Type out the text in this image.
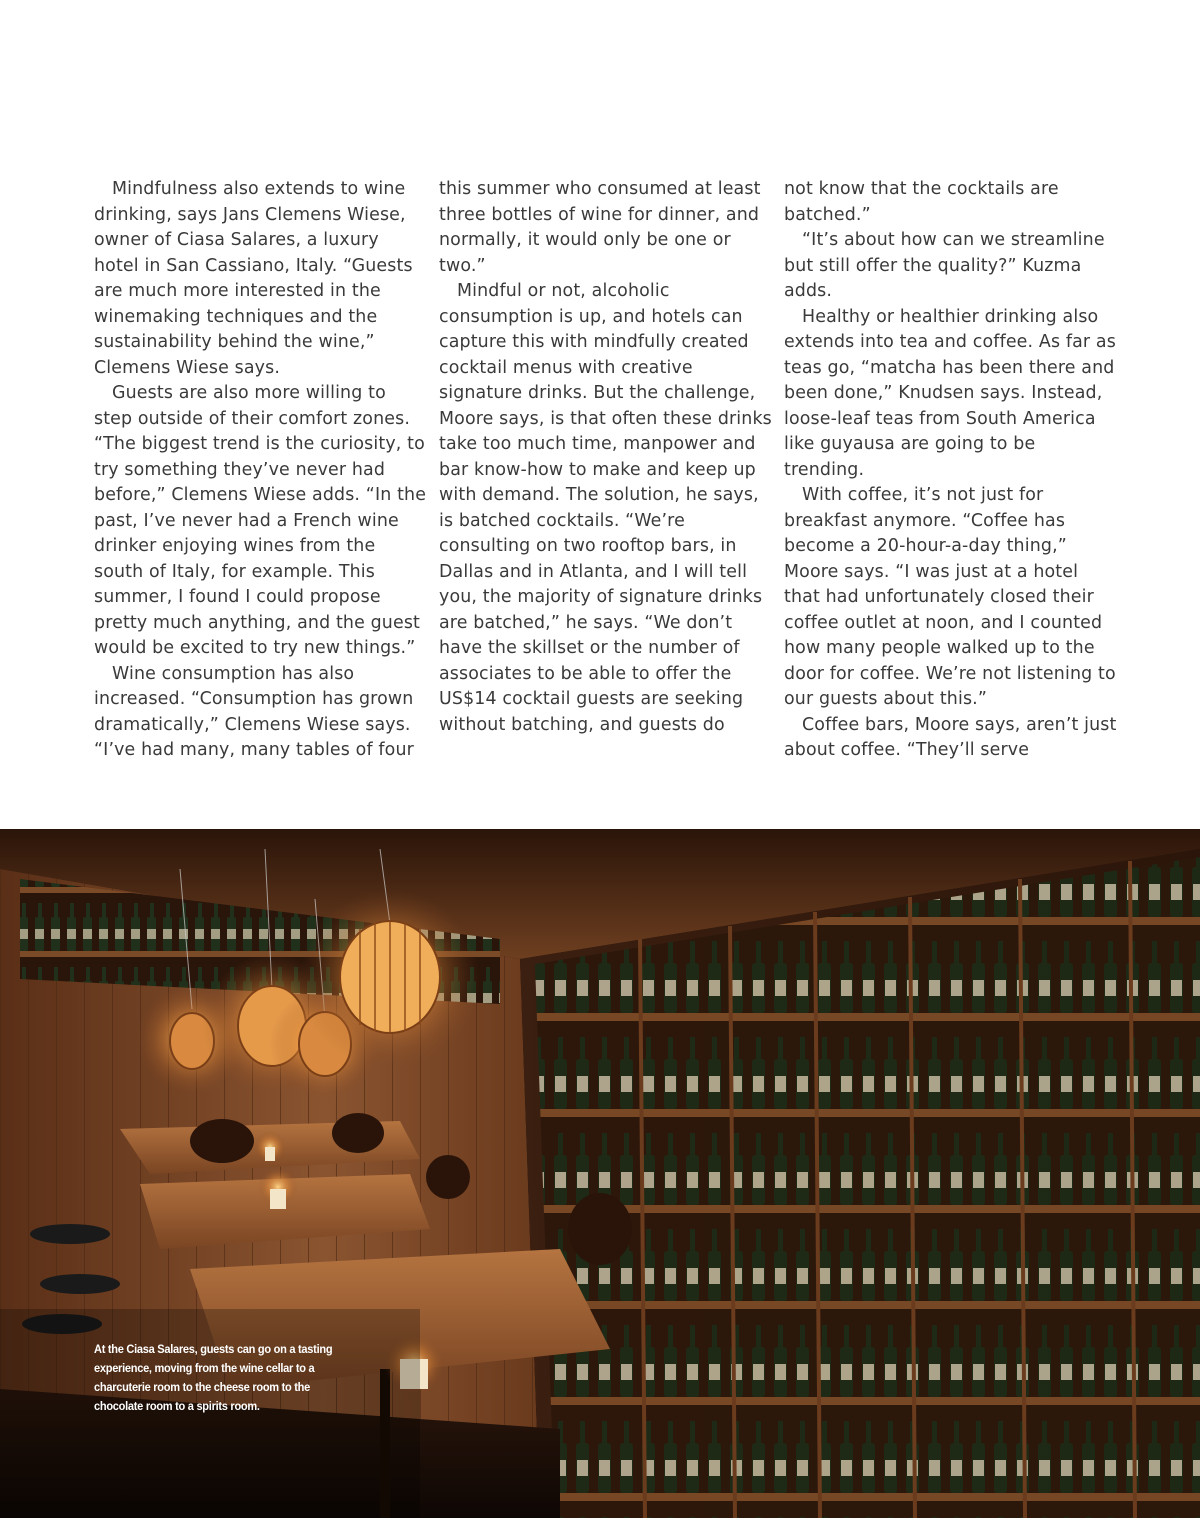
Mindfulness also extends to wine drinking, says Jans Clemens Wiese, owner of Ciasa Salares, a luxury hotel in San Cassiano, Italy. “Guests are much more interested in the winemaking techniques and the sustainability behind the wine,” Clemens Wiese says.

Guests are also more willing to step outside of their comfort zones. “The biggest trend is the curiosity, to try something they’ve never had before,” Clemens Wiese adds. “In the past, I’ve never had a French wine drinker enjoying wines from the south of Italy, for example. This summer, I found I could propose pretty much anything, and the guest would be excited to try new things.”

Wine consumption has also increased. “Consumption has grown dramatically,” Clemens Wiese says. “I’ve had many, many tables of four

this summer who consumed at least three bottles of wine for dinner, and normally, it would only be one or two.”

Mindful or not, alcoholic consumption is up, and hotels can capture this with mindfully created cocktail menus with creative signature drinks. But the challenge, Moore says, is that often these drinks take too much time, manpower and bar know-how to make and keep up with demand. The solution, he says, is batched cocktails. “We’re consulting on two rooftop bars, in Dallas and in Atlanta, and I will tell you, the majority of signature drinks are batched,” he says. “We don’t have the skillset or the number of associates to be able to offer the US$14 cocktail guests are seeking without batching, and guests do

not know that the cocktails are batched.”

“It’s about how can we streamline but still offer the quality?” Kuzma adds.

Healthy or healthier drinking also extends into tea and coffee. As far as teas go, “matcha has been there and been done,” Knudsen says. Instead, loose-leaf teas from South America like guyausa are going to be trending.

With coffee, it’s not just for breakfast anymore. “Coffee has become a 20-hour-a-day thing,” Moore says. “I was just at a hotel that had unfortunately closed their coffee outlet at noon, and I counted how many people walked up to the door for coffee. We’re not listening to our guests about this.”

Coffee bars, Moore says, aren’t just about coffee. “They’ll serve

At the Ciasa Salares, guests can go on a tasting experience, moving from the wine cellar to a charcuterie room to the cheese room to the chocolate room to a spirits room.
